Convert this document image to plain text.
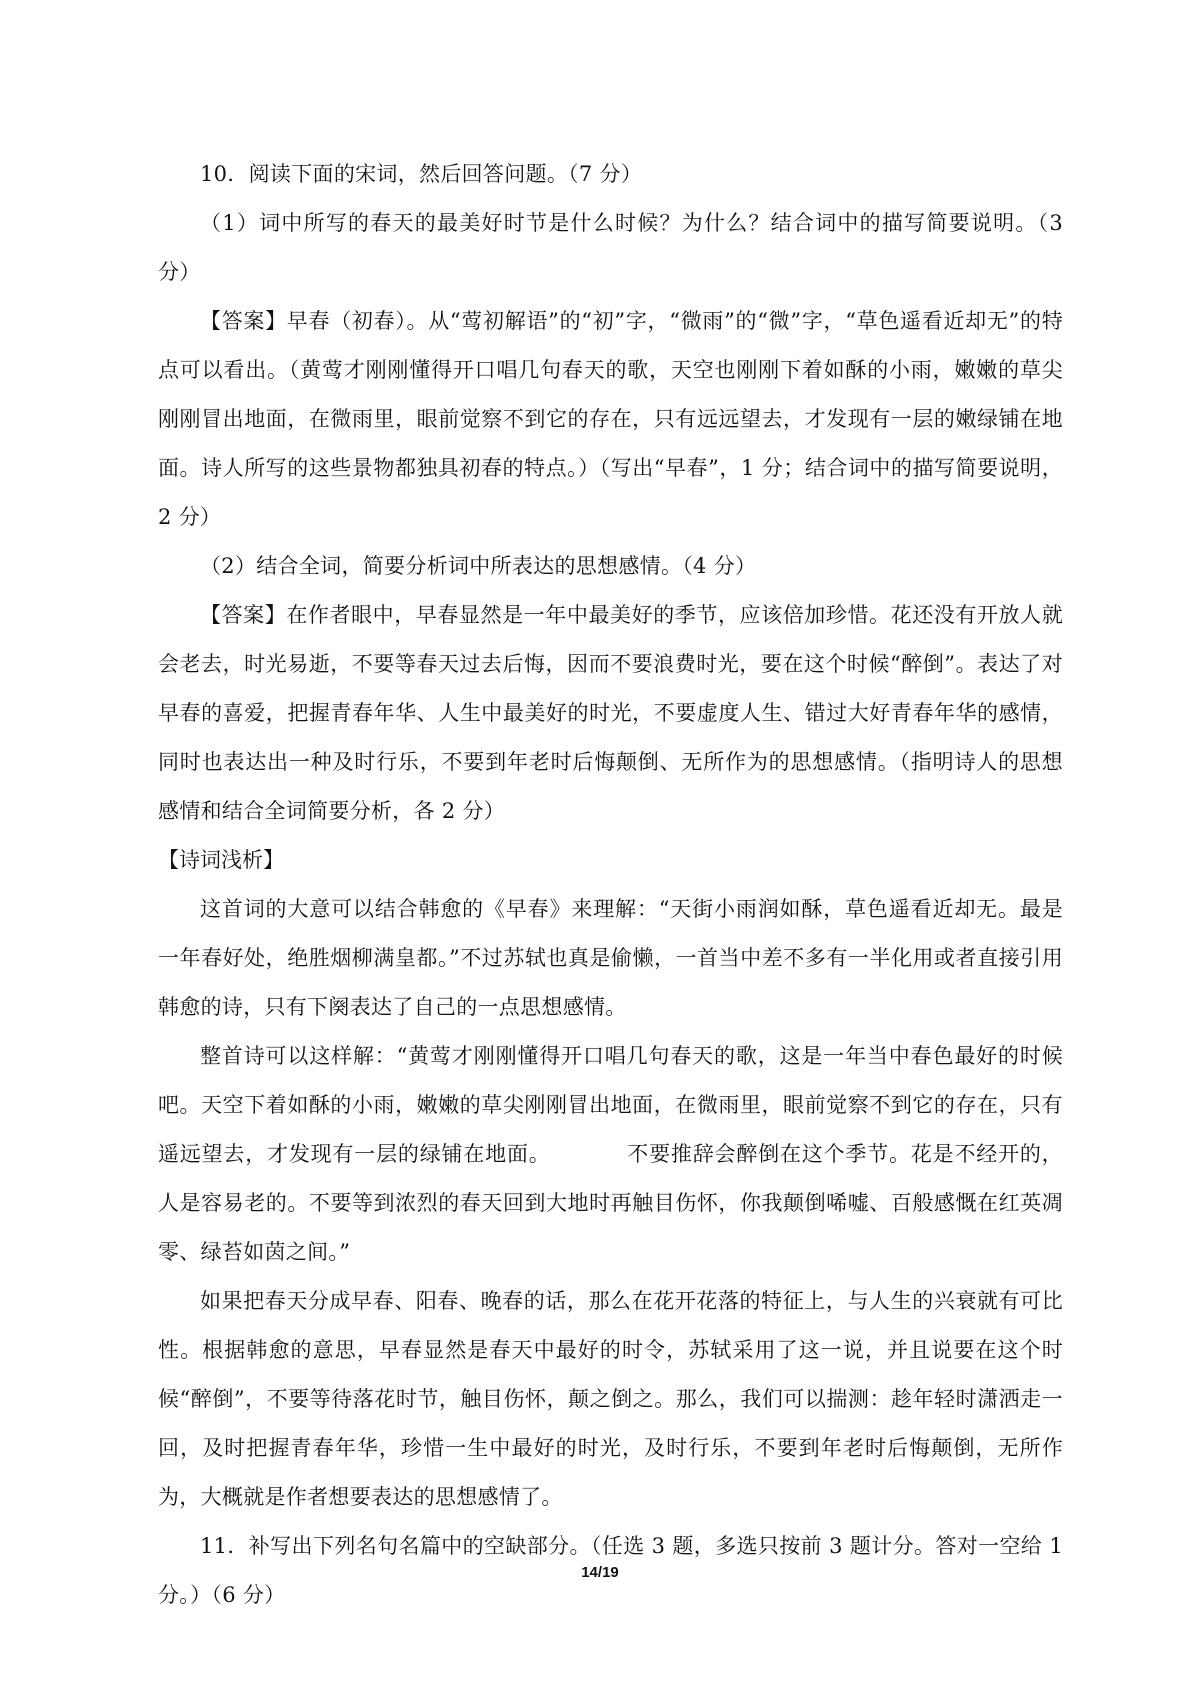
10．阅读下面的宋词，然后回答问题。（7 分）

（1）词中所写的春天的最美好时节是什么时候？为什么？结合词中的描写简要说明。（3 分）

【答案】早春（初春）。从“莺初解语”的“初”字，“微雨”的“微”字，“草色遥看近却无”的特点可以看出。（黄莺才刚刚懂得开口唱几句春天的歌，天空也刚刚下着如酥的小雨，嫩嫩的草尖刚刚冒出地面，在微雨里，眼前觉察不到它的存在，只有远远望去，才发现有一层的嫩绿铺在地面。诗人所写的这些景物都独具初春的特点。）（写出“早春”，1 分；结合词中的描写简要说明，2 分）

（2）结合全词，简要分析词中所表达的思想感情。（4 分）

【答案】在作者眼中，早春显然是一年中最美好的季节，应该倍加珍惜。花还没有开放人就会老去，时光易逝，不要等春天过去后悔，因而不要浪费时光，要在这个时候“醉倒”。表达了对早春的喜爱，把握青春年华、人生中最美好的时光，不要虚度人生、错过大好青春年华的感情，同时也表达出一种及时行乐，不要到年老时后悔颠倒、无所作为的思想感情。（指明诗人的思想感情和结合全词简要分析，各 2 分）

【诗词浅析】

这首词的大意可以结合韩愈的《早春》来理解：“天街小雨润如酥，草色遥看近却无。最是一年春好处，绝胜烟柳满皇都。”不过苏轼也真是偷懒，一首当中差不多有一半化用或者直接引用韩愈的诗，只有下阕表达了自己的一点思想感情。

整首诗可以这样解：“黄莺才刚刚懂得开口唱几句春天的歌，这是一年当中春色最好的时候吧。天空下着如酥的小雨，嫩嫩的草尖刚刚冒出地面，在微雨里，眼前觉察不到它的存在，只有遥远望去，才发现有一层的绿铺在地面。　　　　不要推辞会醉倒在这个季节。花是不经开的，人是容易老的。不要等到浓烈的春天回到大地时再触目伤怀，你我颠倒唏嘘、百般感慨在红英凋零、绿苔如茵之间。”

如果把春天分成早春、阳春、晚春的话，那么在花开花落的特征上，与人生的兴衰就有可比性。根据韩愈的意思，早春显然是春天中最好的时令，苏轼采用了这一说，并且说要在这个时候“醉倒”，不要等待落花时节，触目伤怀，颠之倒之。那么，我们可以揣测：趁年轻时潇洒走一回，及时把握青春年华，珍惜一生中最好的时光，及时行乐，不要到年老时后悔颠倒，无所作为，大概就是作者想要表达的思想感情了。

11．补写出下列名句名篇中的空缺部分。（任选 3 题，多选只按前 3 题计分。答对一空给 1 分。）（6 分）

14/19
